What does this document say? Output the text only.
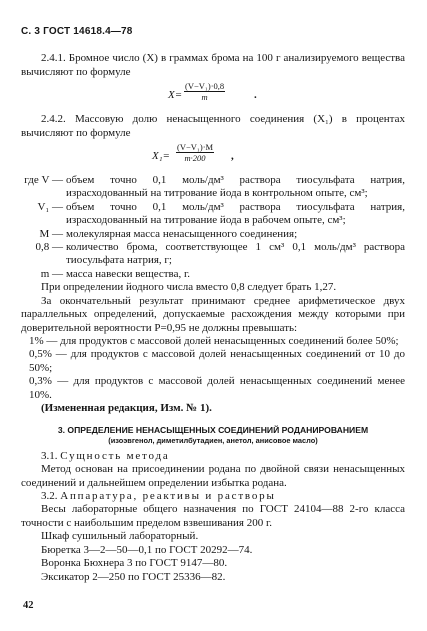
С. 3 ГОСТ 14618.4—78

2.4.1. Бромное число (X) в граммах брома на 100 г анализируемого вещества вычисляют по формуле

$X= \frac{\text{(V−V₁)·0,8}}{m}$	.

2.4.2. Массовую долю ненасыщенного соединения (X₁) в процентах вычисляют по формуле

$X_1= \frac{\text{(V−V₁)·M}}{m\cdot 200}$ ,
где V — объем точно 0,1 моль/дм³ раствора тиосульфата натрия, израсходованный на титрование йода в контрольном опыте, см³;
V₁ — объем точно 0,1 моль/дм³ раствора тиосульфата натрия, израсходованный на титрование йода в рабочем опыте, см³;
M — молекулярная масса ненасыщенного соединения;
0,8 — количество брома, соответствующее 1 см³ 0,1 моль/дм³ раствора тиосульфата натрия, г;
m — масса навески вещества, г.

При определении йодного числа вместо 0,8 следует брать 1,27.

За окончательный результат принимают среднее арифметическое двух параллельных определений, допускаемые расхождения между которыми при доверительной вероятности P=0,95 не должны превышать:

1% — для продуктов с массовой долей ненасыщенных соединений более 50%;

0,5% — для продуктов с массовой долей ненасыщенных соединений от 10 до 50%;

0,3% — для продуктов с массовой долей ненасыщенных соединений менее 10%.

(Измененная редакция, Изм. № 1).

3. ОПРЕДЕЛЕНИЕ НЕНАСЫЩЕННЫХ СОЕДИНЕНИЙ РОДАНИРОВАНИЕМ
(изоэвгенол, диметилбутадиен, анетол, анисовое масло)

3.1. Сущность метода

Метод основан на присоединении родана по двойной связи ненасыщенных соединений и дальнейшем определении избытка родана.

3.2. Аппаратура, реактивы и растворы

Весы лабораторные общего назначения по ГОСТ 24104—88 2-го класса точности с наибольшим пределом взвешивания 200 г.

Шкаф сушильный лабораторный.

Бюретка 3—2—50—0,1 по ГОСТ 20292—74.

Воронка Бюхнера 3 по ГОСТ 9147—80.

Эксикатор 2—250 по ГОСТ 25336—82.

42
